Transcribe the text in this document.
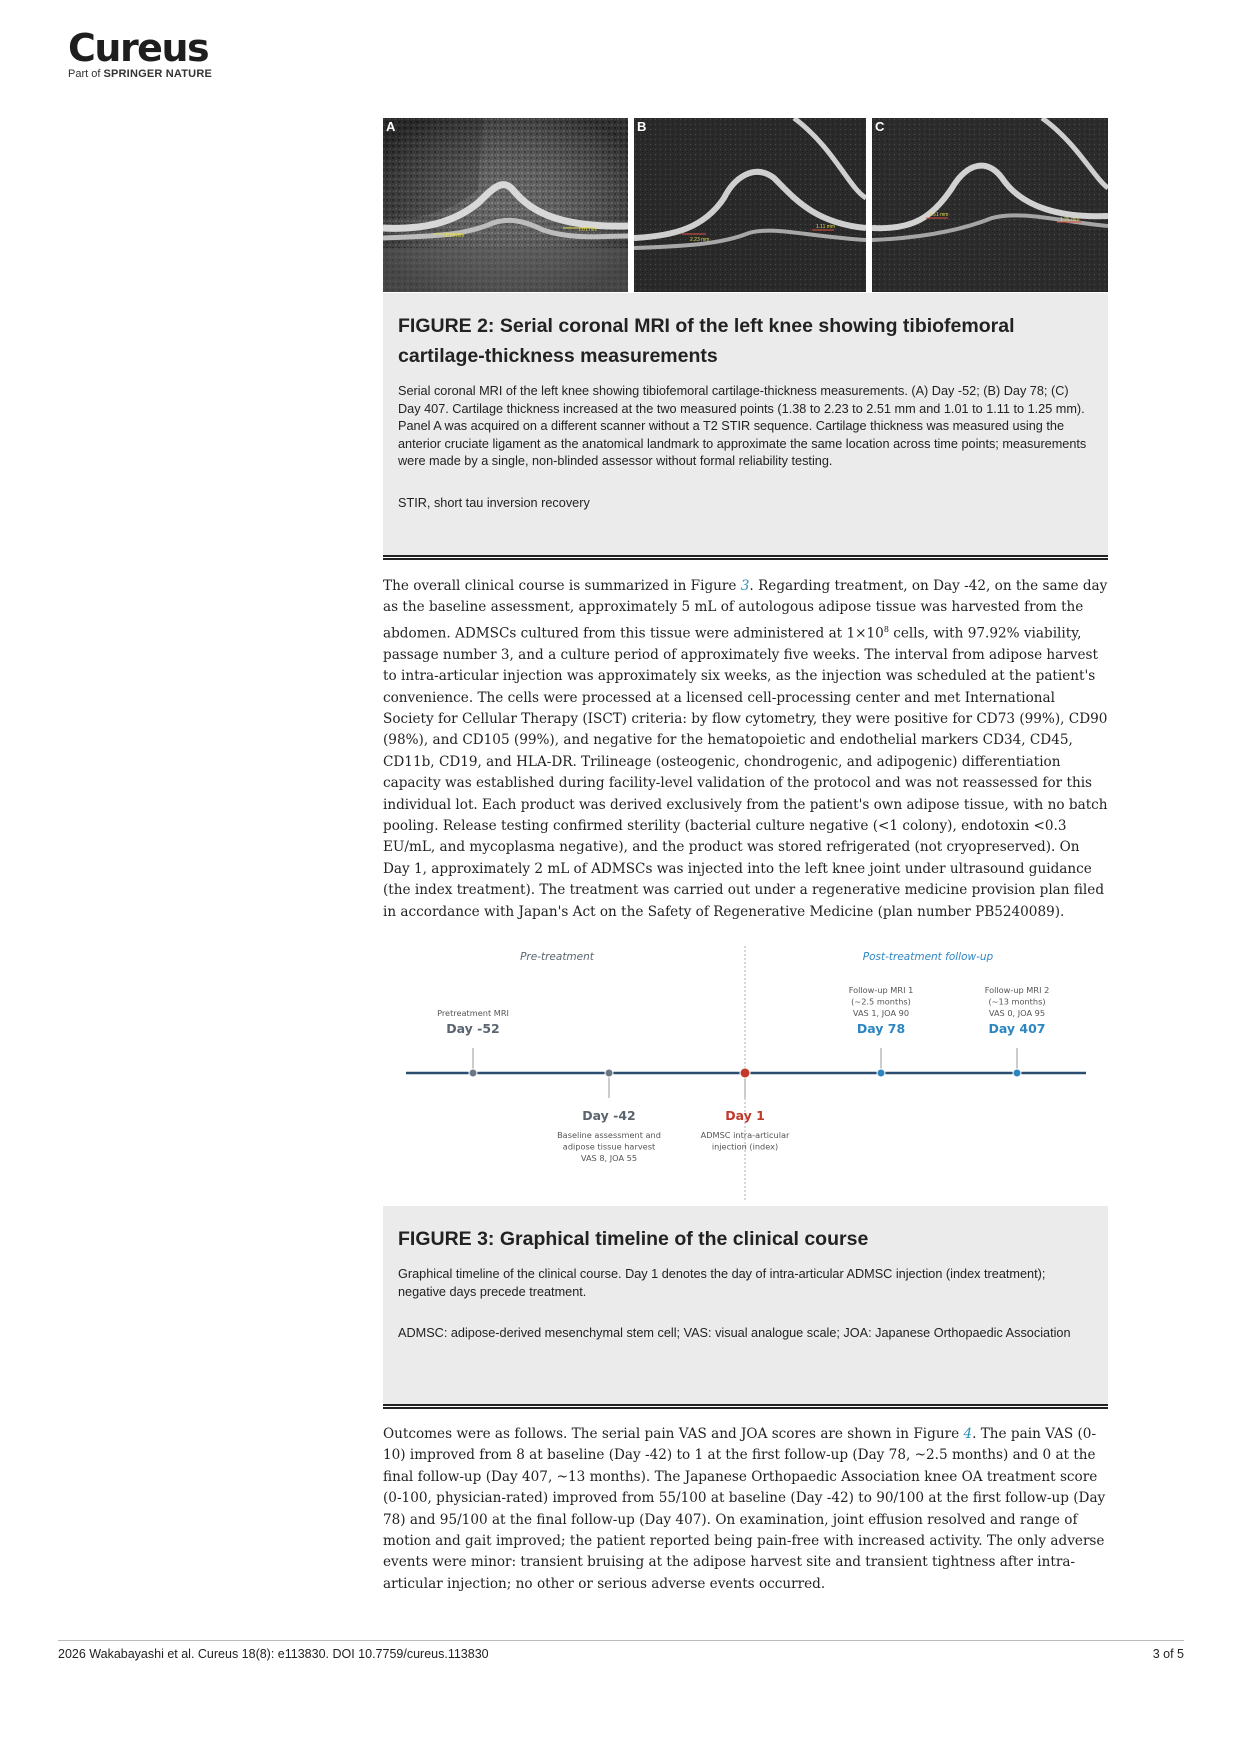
Cureus
Part of SPRINGER NATURE
1.38 mm
1.01 mm
A
2.23 mm
1.11 mm
B
2.51 mm
1.25 mm
C
FIGURE 2: Serial coronal MRI of the left knee showing tibiofemoral cartilage-thickness measurements

Serial coronal MRI of the left knee showing tibiofemoral cartilage-thickness measurements. (A) Day -52; (B) Day 78; (C) Day 407. Cartilage thickness increased at the two measured points (1.38 to 2.23 to 2.51 mm and 1.01 to 1.11 to 1.25 mm). Panel A was acquired on a different scanner without a T2 STIR sequence. Cartilage thickness was measured using the anterior cruciate ligament as the anatomical landmark to approximate the same location across time points; measurements were made by a single, non-blinded assessor without formal reliability testing.

STIR, short tau inversion recovery

The overall clinical course is summarized in Figure 3. Regarding treatment, on Day -42, on the same day as the baseline assessment, approximately 5 mL of autologous adipose tissue was harvested from the abdomen. ADMSCs cultured from this tissue were administered at $1\times 10^8$ cells, with 97.92% viability, passage number 3, and a culture period of approximately five weeks. The interval from adipose harvest to intra-articular injection was approximately six weeks, as the injection was scheduled at the patient's convenience. The cells were processed at a licensed cell-processing center and met International Society for Cellular Therapy (ISCT) criteria: by flow cytometry, they were positive for CD73 (99%), CD90 (98%), and CD105 (99%), and negative for the hematopoietic and endothelial markers CD34, CD45, CD11b, CD19, and HLA-DR. Trilineage (osteogenic, chondrogenic, and adipogenic) differentiation capacity was established during facility-level validation of the protocol and was not reassessed for this individual lot. Each product was derived exclusively from the patient's own adipose tissue, with no batch pooling. Release testing confirmed sterility (bacterial culture negative (<1 colony), endotoxin <0.3 EU/mL, and mycoplasma negative), and the product was stored refrigerated (not cryopreserved). On Day 1, approximately 2 mL of ADMSCs was injected into the left knee joint under ultrasound guidance (the index treatment). The treatment was carried out under a regenerative medicine provision plan filed in accordance with Japan's Act on the Safety of Regenerative Medicine (plan number PB5240089).

Pre-treatment	Post-treatment follow-up
Day -52
Pretreatment MRI
Day -42
Baseline assessment and
adipose tissue harvest
VAS 8, JOA 55
Day 1
ADMSC intra-articular
injection (index)
Day 78
Follow-up MRI 1
(~2.5 months)
VAS 1, JOA 90
Day 407
Follow-up MRI 2
(~13 months)
VAS 0, JOA 95
FIGURE 3: Graphical timeline of the clinical course

Graphical timeline of the clinical course. Day 1 denotes the day of intra-articular ADMSC injection (index treatment); negative days precede treatment.

ADMSC: adipose-derived mesenchymal stem cell; VAS: visual analogue scale; JOA: Japanese Orthopaedic Association

Outcomes were as follows. The serial pain VAS and JOA scores are shown in Figure 4. The pain VAS (0-10) improved from 8 at baseline (Day -42) to 1 at the first follow-up (Day 78, ~2.5 months) and 0 at the final follow-up (Day 407, ~13 months). The Japanese Orthopaedic Association knee OA treatment score (0-100, physician-rated) improved from 55/100 at baseline (Day -42) to 90/100 at the first follow-up (Day 78) and 95/100 at the final follow-up (Day 407). On examination, joint effusion resolved and range of motion and gait improved; the patient reported being pain-free with increased activity. The only adverse events were minor: transient bruising at the adipose harvest site and transient tightness after intra-articular injection; no other or serious adverse events occurred.

2026 Wakabayashi et al. Cureus 18(8): e113830. DOI 10.7759/cureus.113830	3 of 5
